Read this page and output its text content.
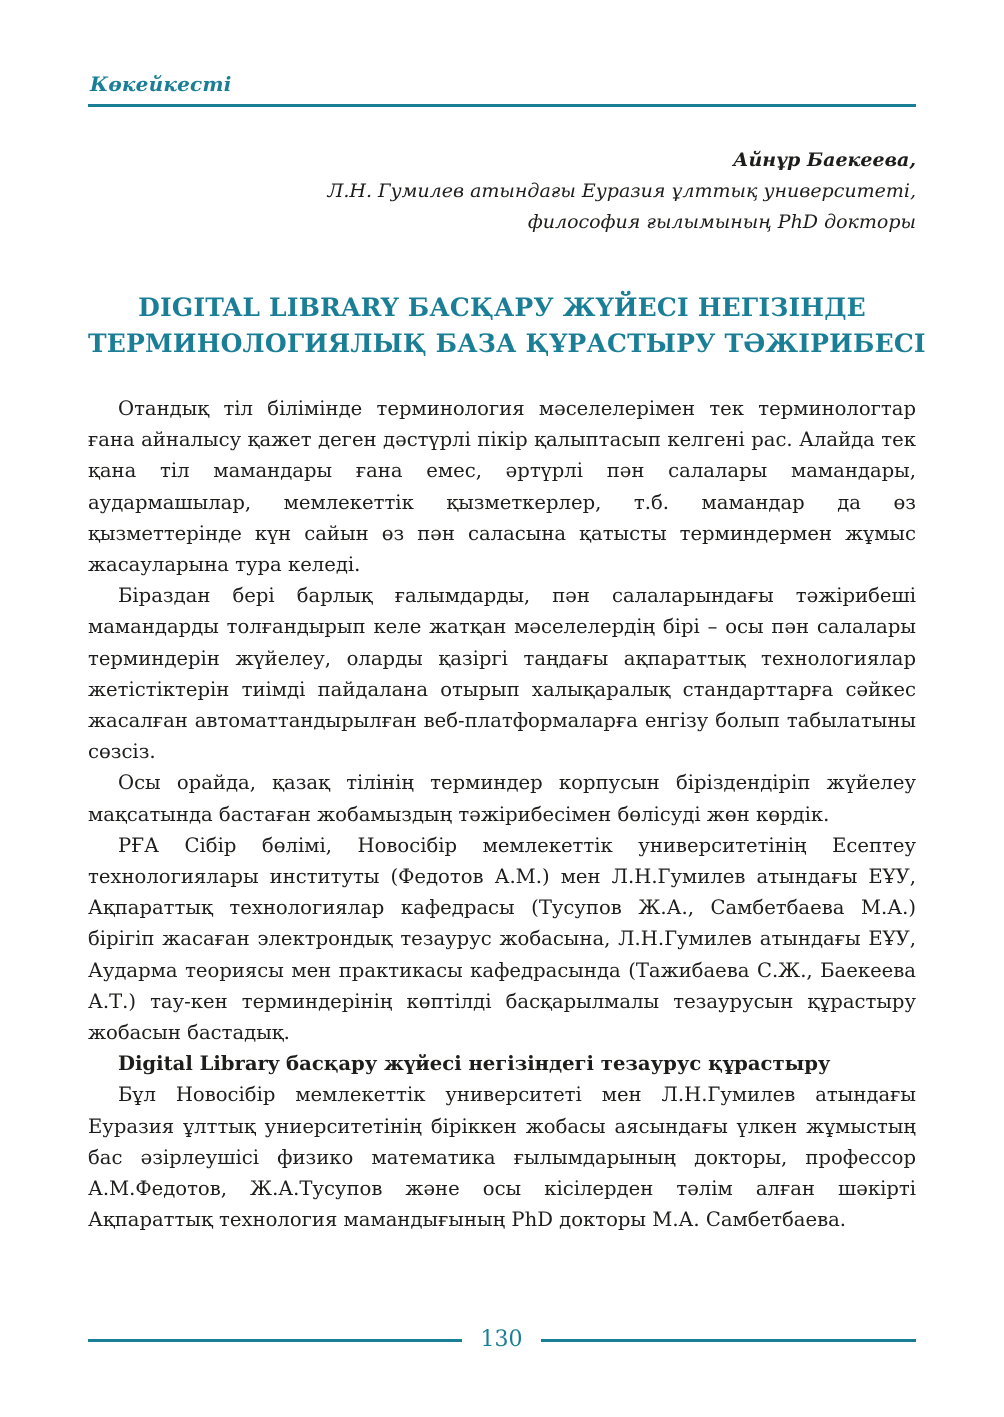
Көкейкесті
Айнұр Баекеева,
Л.Н. Гумилев атындағы Еуразия ұлттық университеті,
философия ғылымының PhD докторы
DIGITAL LIBRARY БАСҚАРУ ЖҮЙЕСІ НЕГІЗІНДЕ
ТЕРМИНОЛОГИЯЛЫҚ БАЗА ҚҰРАСТЫРУ ТӘЖІРИБЕСІ

Отандық тіл білімінде терминология мәселелерімен тек терминологтар ғана айналысу қажет деген дәстүрлі пікір қалыптасып келгені рас. Алайда тек қана тіл мамандары ғана емес, әртүрлі пән салалары мамандары, аудармашылар, мемлекеттік қызметкерлер, т.б. мамандар да өз қызметтерінде күн сайын өз пән саласына қатысты терминдермен жұмыс жасауларына тура келеді.

Біраздан бері барлық ғалымдарды, пән салаларындағы тәжірибеші мамандарды толғандырып келе жатқан мәселелердің бірі – осы пән салалары терминдерін жүйелеу, оларды қазіргі таңдағы ақпараттық технологиялар жетістіктерін тиімді пайдалана отырып халықаралық стандарттарға сәйкес жасалған автоматтандырылған веб-платформаларға енгізу болып табылатыны сөзсіз.

Осы орайда, қазақ тілінің терминдер корпусын біріздендіріп жүйелеу мақсатында бастаған жобамыздың тәжірибесімен бөлісуді жөн көрдік.

РҒА Сібір бөлімі, Новосібір мемлекеттік университетінің Есептеу технологиялары институты (Федотов А.М.) мен Л.Н.Гумилев атындағы ЕҰУ, Ақпараттық технологиялар кафедрасы (Тусупов Ж.А., Самбетбаева М.А.) бірігіп жасаған электрондық тезаурус жобасына, Л.Н.Гумилев атындағы ЕҰУ, Аударма теориясы мен практикасы кафедрасында (Тажибаева С.Ж., Баекеева А.Т.) тау-кен терминдерінің көптілді басқарылмалы тезаурусын құрастыру жобасын бастадық.

Digital Library басқару жүйесі негізіндегі тезаурус құрастыру

Бұл Новосібір мемлекеттік университеті мен Л.Н.Гумилев атындағы Еуразия ұлттық униерситетінің біріккен жобасы аясындағы үлкен жұмыстың бас әзірлеушісі физико математика ғылымдарының докторы, профессор А.М.Федотов, Ж.А.Тусупов және осы кісілерден тәлім алған шәкірті Ақпараттық технология мамандығының PhD докторы М.А. Самбетбаева.

130
